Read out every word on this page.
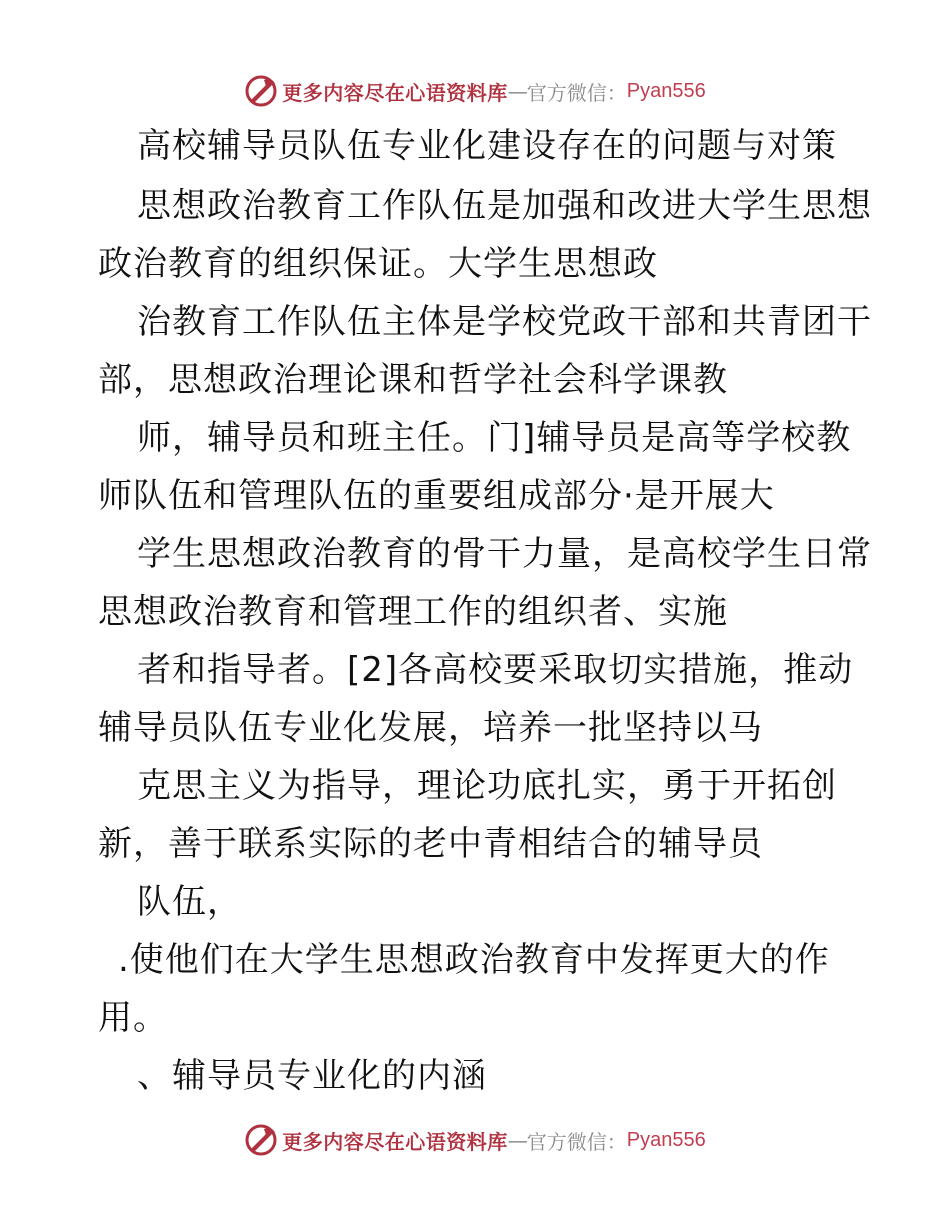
更多内容尽在心语资料库 — 官方微信： Pyan556
高校辅导员队伍专业化建设存在的问题与对策
思想政治教育工作队伍是加强和改进大学生思想
政治教育的组织保证。大学生思想政
治教育工作队伍主体是学校党政干部和共青团干
部，思想政治理论课和哲学社会科学课教
师，辅导员和班主任。门]辅导员是高等学校教
师队伍和管理队伍的重要组成部分·是开展大
学生思想政治教育的骨干力量，是高校学生日常
思想政治教育和管理工作的组织者、实施
者和指导者。[2]各高校要采取切实措施，推动
辅导员队伍专业化发展，培养一批坚持以马
克思主义为指导，理论功底扎实，勇于开拓创
新，善于联系实际的老中青相结合的辅导员
队伍，
.使他们在大学生思想政治教育中发挥更大的作
用。
、辅导员专业化的内涵
更多内容尽在心语资料库 — 官方微信： Pyan556
